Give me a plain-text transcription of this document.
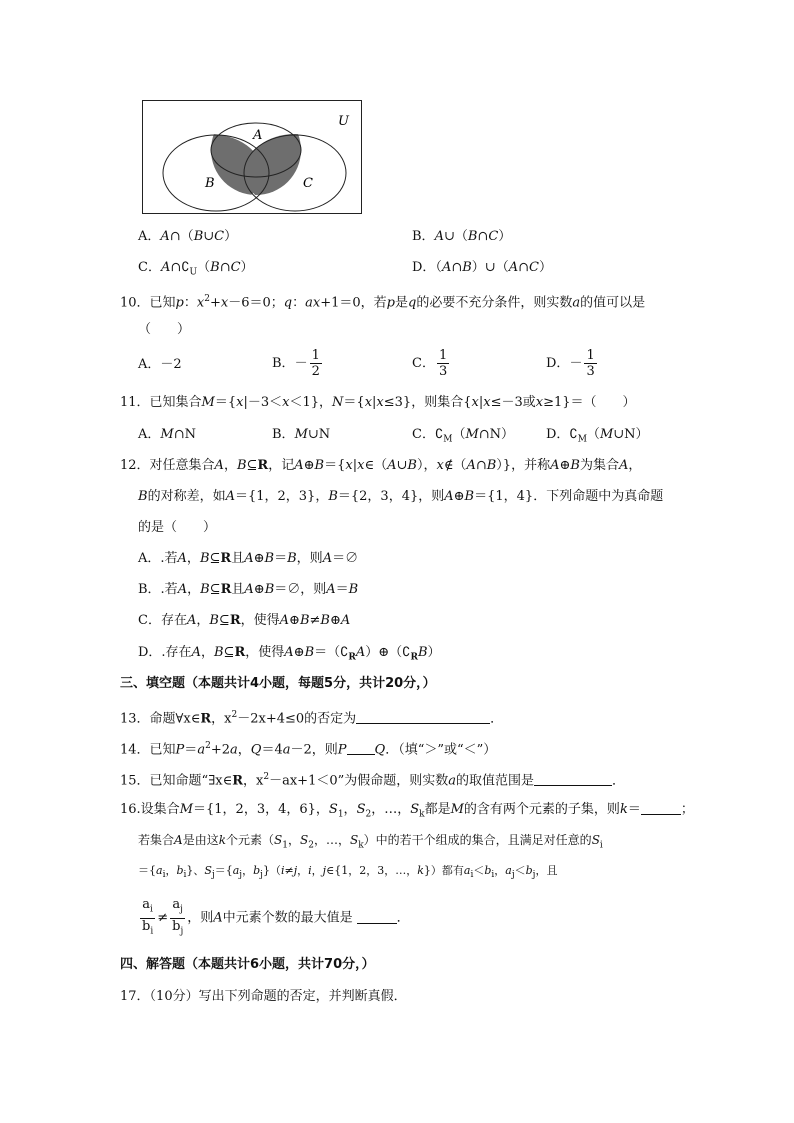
A
B	C
U
A．A∩（B∪C）	B．A∪（B∩C）
C．$A\cap∁_U(B\cap C)$	D．（A∩B）∪（A∩C）
10．已知p：$x^2+x-6=0$；q：ax+1＝0，若p是q的必要不充分条件，则实数a的值可以是
（　　）
A．－2	B．－ $\frac{1}{2}$	C． $\frac{1}{3}$	D．－ $\frac{1}{3}$
11．已知集合M＝{x|－3＜x＜1}，N＝{x|x≤3}，则集合{x|x≤－3或x≥1}＝（　　）
A．M∩N	B．M∪N	C．$∁_M(M\cap N)$ D．$∁_M(M\cup N)$
12．对任意集合A，B⊆R，记A⊕B＝{x|x∈（A∪B），x∉（A∩B）}，并称A⊕B为集合A，
B的对称差，如A＝{1，2，3}，B＝{2，3，4}，则A⊕B＝{1，4}．下列命题中为真命题
的是（　　）
A．.若A，B⊆R且A⊕B＝B，则A＝∅
B．.若A，B⊆R且A⊕B＝∅，则A＝B
C．存在A，B⊆R，使得A⊕B≠B⊕A
D．.存在A，B⊆R，使得$A\oplus B=(∁_RA)\oplus(∁_RB)$
三、填空题（本题共计4小题，每题5分，共计20分，）
13．命题∀x∈R，$x^2-2x+4\le 0$的否定为	．
14．已知$P=a^2+2a$，Q＝4a－2，则P Q．（填“＞”或“＜”）
15．已知命题“∃x∈R，$x^2-ax+1<0$”为假命题，则实数a的取值范围是	．
16.设集合M＝{1，2，3，4，6}，$S_1$，$S_2$，…，$S_k$都是M的含有两个元素的子集，则k＝	；
若集合A是由这k个元素（$S_1$，$S_2$，…，$S_k$）中的若干个组成的集合，且满足对任意的$S_i$
$=\{a_i$，$b_i$}、$S_j=\{a_j$，$b_j\}(i\ne j$，i，j∈{1，2，3，…，k}）都有$a_i<b_i$，$a_j<b_j$，且
$\frac{a_i}{b_i} \ne \frac{a_j}{b_j}$ ，则A中元素个数的最大值是	．
四、解答题（本题共计6小题，共计70分，）
17．（10分）写出下列命题的否定，并判断真假．
